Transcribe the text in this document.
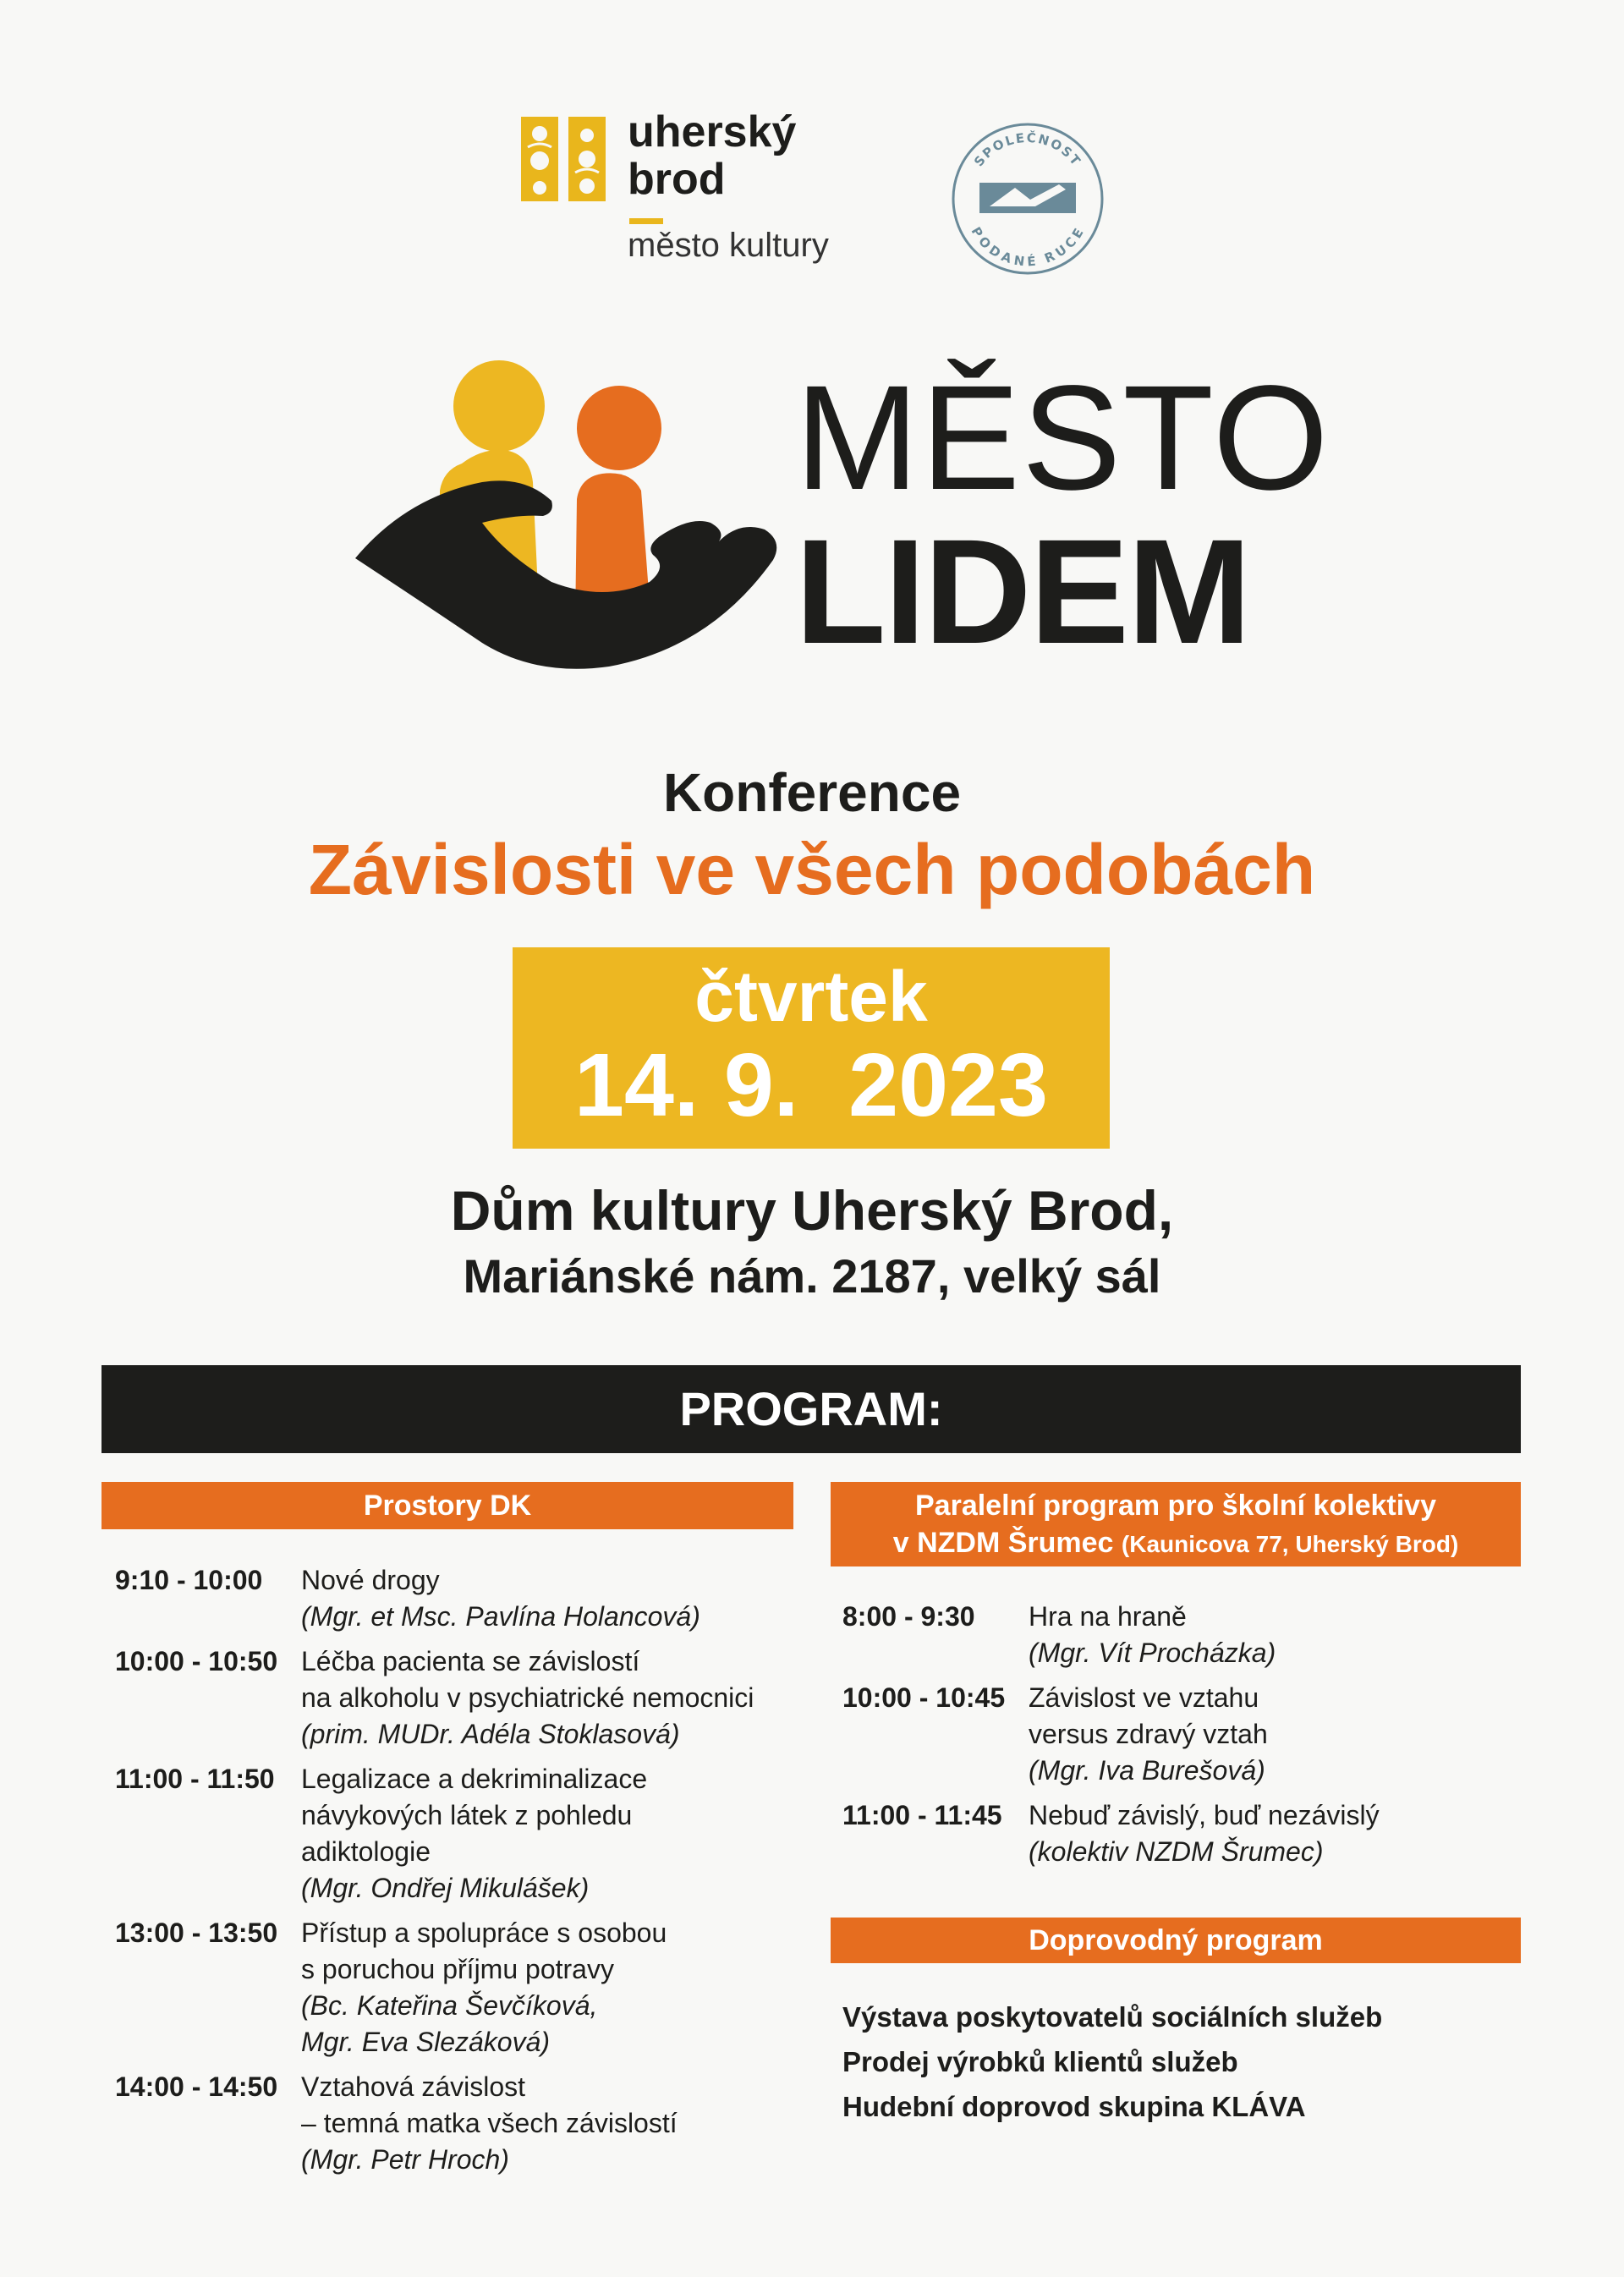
uherský
brod
město kultury
SPOLEČNOST
PODANÉ RUCE
MĚSTO
LIDEM
Konference
Závislosti ve všech podobách
čtvrtek
14. 9.  2023
Dům kultury Uherský Brod,
Mariánské nám. 2187, velký sál
PROGRAM:
Prostory DK
9:10 - 10:00	Nové drogy
(Mgr. et Msc. Pavlína Holancová)
10:00 - 10:50 Léčba pacienta se závislostí
na alkoholu v psychiatrické nemocnici
(prim. MUDr. Adéla Stoklasová)
11:00 - 11:50 Legalizace a dekriminalizace
návykových látek z pohledu
adiktologie
(Mgr. Ondřej Mikulášek)
13:00 - 13:50 Přístup a spolupráce s osobou
s poruchou příjmu potravy
(Bc. Kateřina Ševčíková,
Mgr. Eva Slezáková)
14:00 - 14:50 Vztahová závislost
– temná matka všech závislostí
(Mgr. Petr Hroch)
Paralelní program pro školní kolektivy
v NZDM Šrumec (Kaunicova 77, Uherský Brod)
8:00 - 9:30	Hra na hraně
(Mgr. Vít Procházka)
10:00 - 10:45 Závislost ve vztahu
versus zdravý vztah
(Mgr. Iva Burešová)
11:00 - 11:45 Nebuď závislý, buď nezávislý
(kolektiv NZDM Šrumec)
Doprovodný program
Výstava poskytovatelů sociálních služeb
Prodej výrobků klientů služeb
Hudební doprovod skupina KLÁVA
